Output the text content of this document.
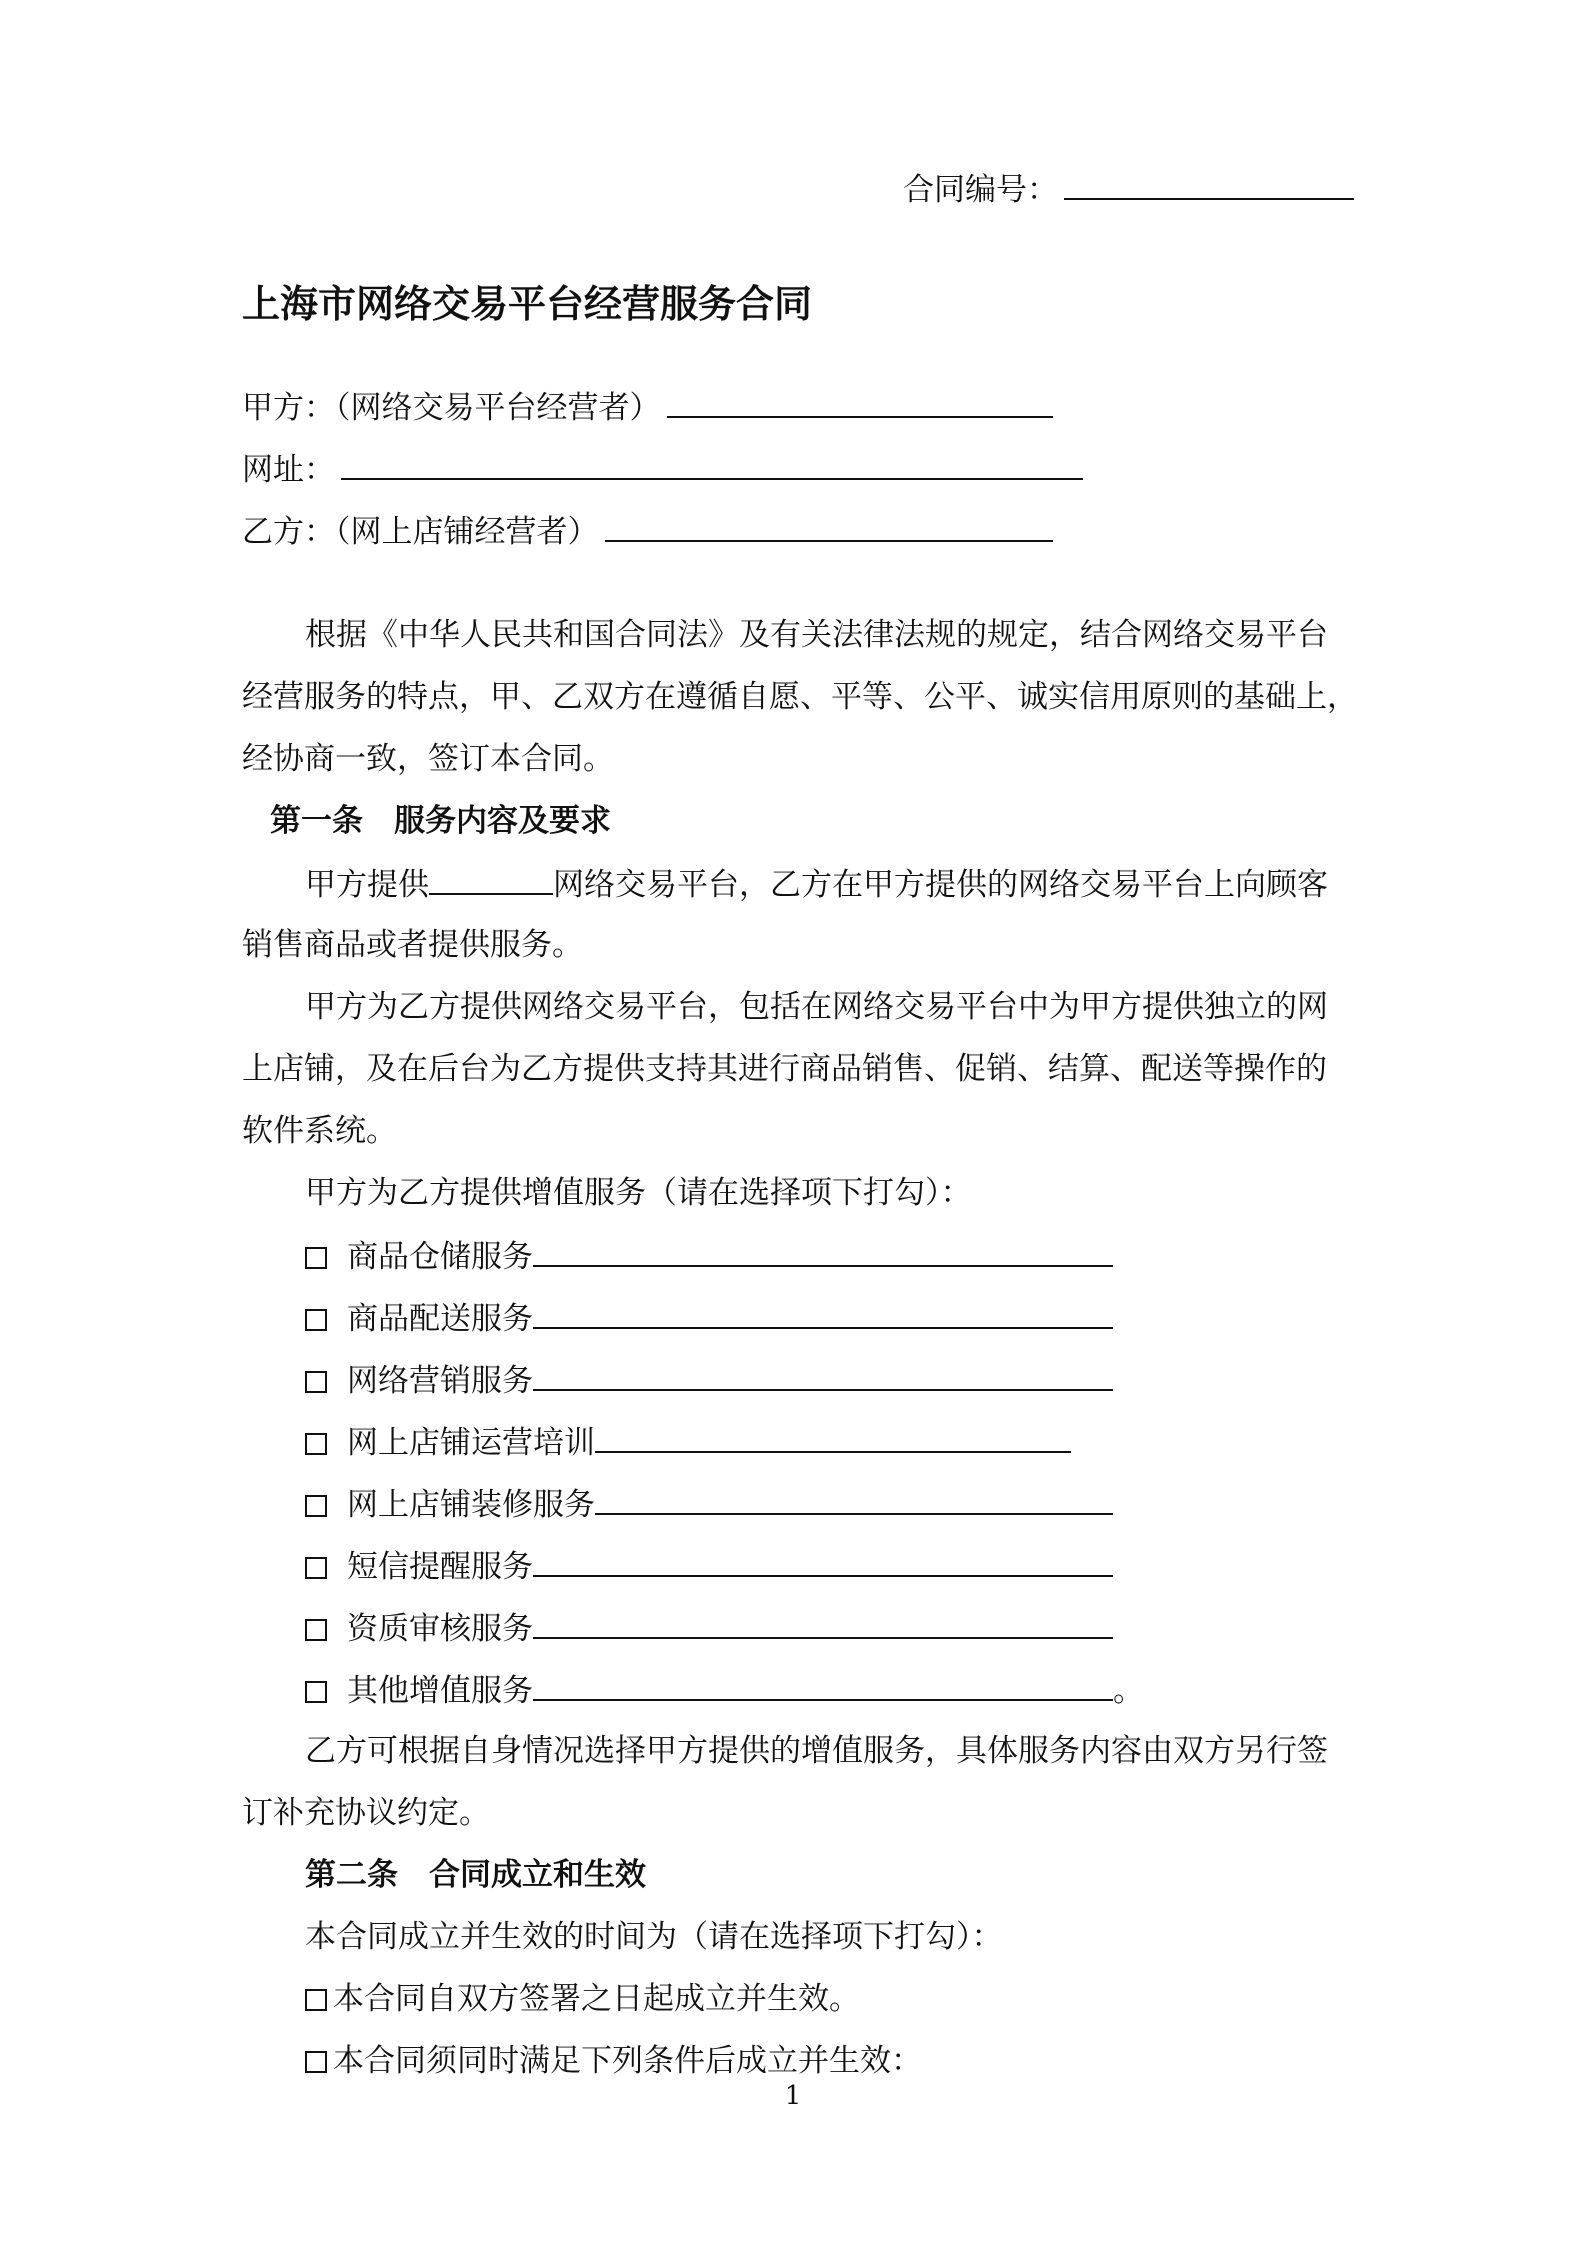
合同编号：
上海市网络交易平台经营服务合同
甲方：（网络交易平台经营者）
网址：
乙方：（网上店铺经营者）
根据《中华人民共和国合同法》及有关法律法规的规定，结合网络交易平台
经营服务的特点，甲、乙双方在遵循自愿、平等、公平、诚实信用原则的基础上，
经协商一致，签订本合同。
第一条　服务内容及要求
甲方提供	网络交易平台，乙方在甲方提供的网络交易平台上向顾客
销售商品或者提供服务。
甲方为乙方提供网络交易平台，包括在网络交易平台中为甲方提供独立的网
上店铺，及在后台为乙方提供支持其进行商品销售、促销、结算、配送等操作的
软件系统。
甲方为乙方提供增值服务（请在选择项下打勾）：
商品仓储服务
商品配送服务
网络营销服务
网上店铺运营培训
网上店铺装修服务
短信提醒服务
资质审核服务
其他增值服务	。
乙方可根据自身情况选择甲方提供的增值服务，具体服务内容由双方另行签
订补充协议约定。
第二条　合同成立和生效
本合同成立并生效的时间为（请在选择项下打勾）：
本合同自双方签署之日起成立并生效。
本合同须同时满足下列条件后成立并生效：
1
